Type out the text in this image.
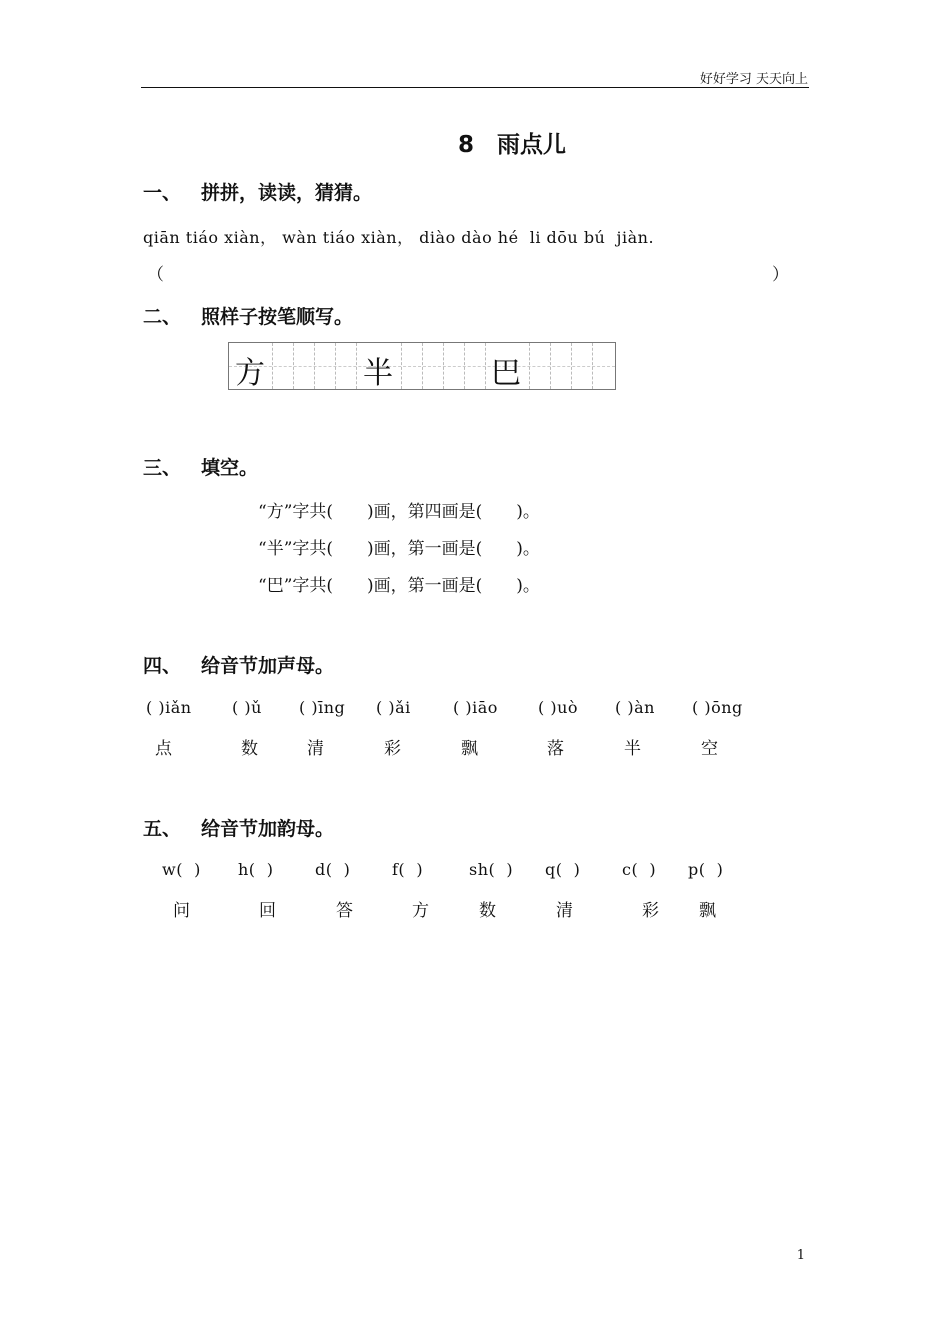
好好学习 天天向上
8　雨点儿
一、 拼拼，读读，猜猜。
qiān tiáo xiàn， wàn tiáo xiàn， diào dào hé  li dōu bú  jiàn.
（	）
二、 照样子按笔顺写。

方

	半

	巴

三、 填空。
“方”字共(　　)画，第四画是(　　)。
“半”字共(　　)画，第一画是(　　)。
“巴”字共(　　)画，第一画是(　　)。
四、 给音节加声母。
( )iǎn	( )ǔ ( )īng ( )ǎi	( )iāo	( )uò ( )àn ( )ōng
点	数	清	彩	飘	落	半	空
五、 给音节加韵母。
w(  ) h(  )	d(  )	f(  )	sh(  ) q(  )	c(  ) p(  )
问	回	答	方	数	清	彩 飘
1
